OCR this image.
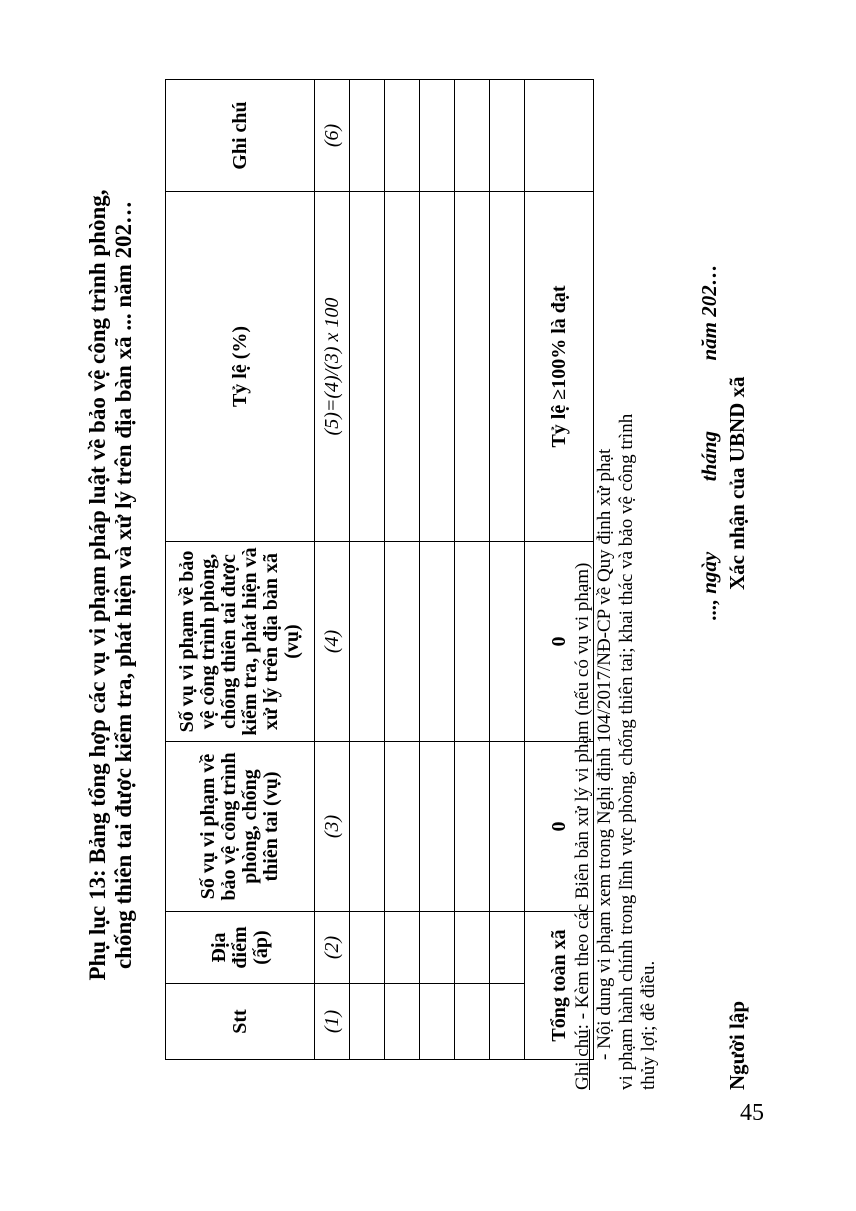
Phụ lục 13: Bảng tổng hợp các vụ vi phạm pháp luật về bảo vệ công trình phòng,
chống thiên tai được kiểm tra, phát hiện và xử lý trên địa bàn xã ... năm 202…

Stt	Địa điểm (ấp)	Số vụ vi phạm về bảo vệ công trình phòng, chống thiên tai (vụ)	Số vụ vi phạm về bảo vệ công trình phòng, chống thiên tai được kiểm tra, phát hiện và xử lý trên địa bàn xã (vụ)	Tỷ lệ (%)	Ghi chú
(1)	(2)	(3)	(4)	(5)=(4)/(3) x 100	(6)

Tổng toàn xã		0	0	Tỷ lệ ≥100% là đạt	

Ghi chú: - Kèm theo các Biên bản xử lý vi phạm (nếu có vụ vi phạm) - Nội dung vi phạm xem trong Nghị định 104/2017/NĐ-CP về Quy định xử phạt vi phạm hành chính trong lĩnh vực phòng, chống thiên tai; khai thác và bảo vệ công trình thủy lợi; đê điều.

..., ngày  tháng  năm 202…
Người lập
Xác nhận của UBND xã
45
